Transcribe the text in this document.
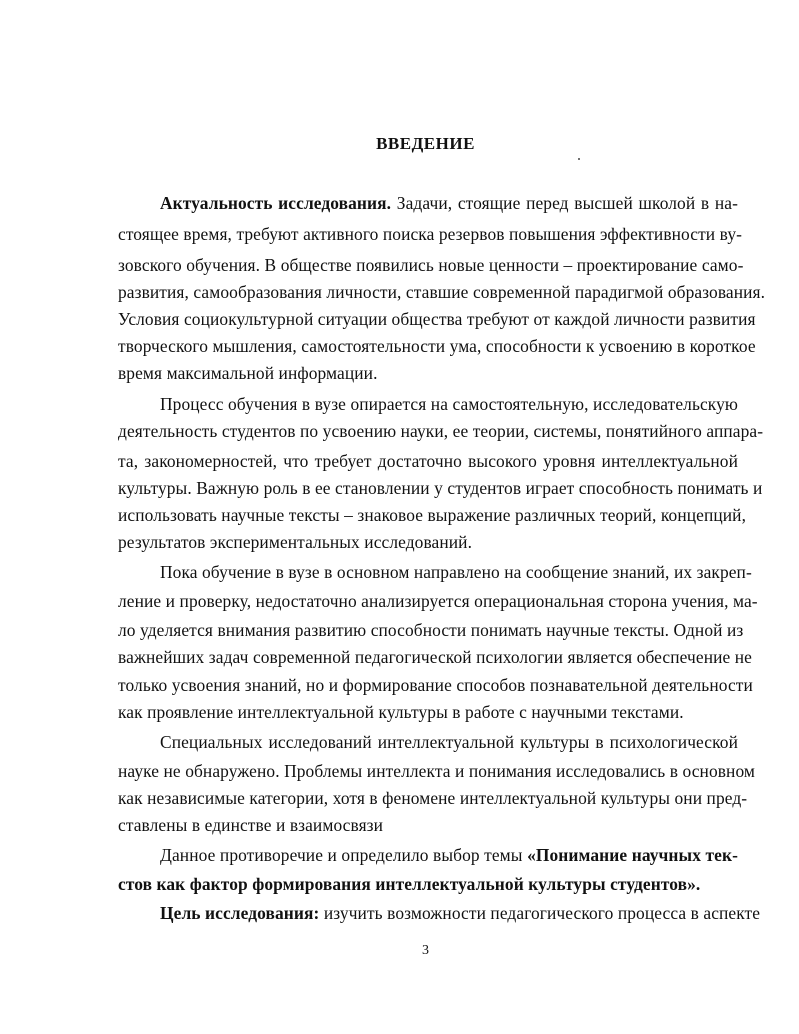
ВВЕДЕНИЕ
Актуальность исследования. Задачи, стоящие перед высшей школой в на-
стоящее время, требуют активного поиска резервов повышения эффективности ву-
зовского обучения. В обществе появились новые ценности – проектирование само-
развития, самообразования личности, ставшие современной парадигмой образования.
Условия социокультурной ситуации общества требуют от каждой личности развития
творческого мышления, самостоятельности ума, способности к усвоению в короткое
время максимальной информации.
Процесс обучения в вузе опирается на самостоятельную, исследовательскую
деятельность студентов по усвоению науки, ее теории, системы, понятийного аппара-
та, закономерностей, что требует достаточно высокого уровня интеллектуальной
культуры. Важную роль в ее становлении у студентов играет способность понимать и
использовать научные тексты – знаковое выражение различных теорий, концепций,
результатов экспериментальных исследований.
Пока обучение в вузе в основном направлено на сообщение знаний, их закреп-
ление и проверку, недостаточно анализируется операциональная сторона учения, ма-
ло уделяется внимания развитию способности понимать научные тексты. Одной из
важнейших задач современной педагогической психологии является обеспечение не
только усвоения знаний, но и формирование способов познавательной деятельности
как проявление интеллектуальной культуры в работе с научными текстами.
Специальных исследований интеллектуальной культуры в психологической
науке не обнаружено. Проблемы интеллекта и понимания исследовались в основном
как независимые категории, хотя в феномене интеллектуальной культуры они пред-
ставлены в единстве и взаимосвязи
Данное противоречие и определило выбор темы «Понимание научных тек-
стов как фактор формирования интеллектуальной культуры студентов».
Цель исследования: изучить возможности педагогического процесса в аспекте
3
